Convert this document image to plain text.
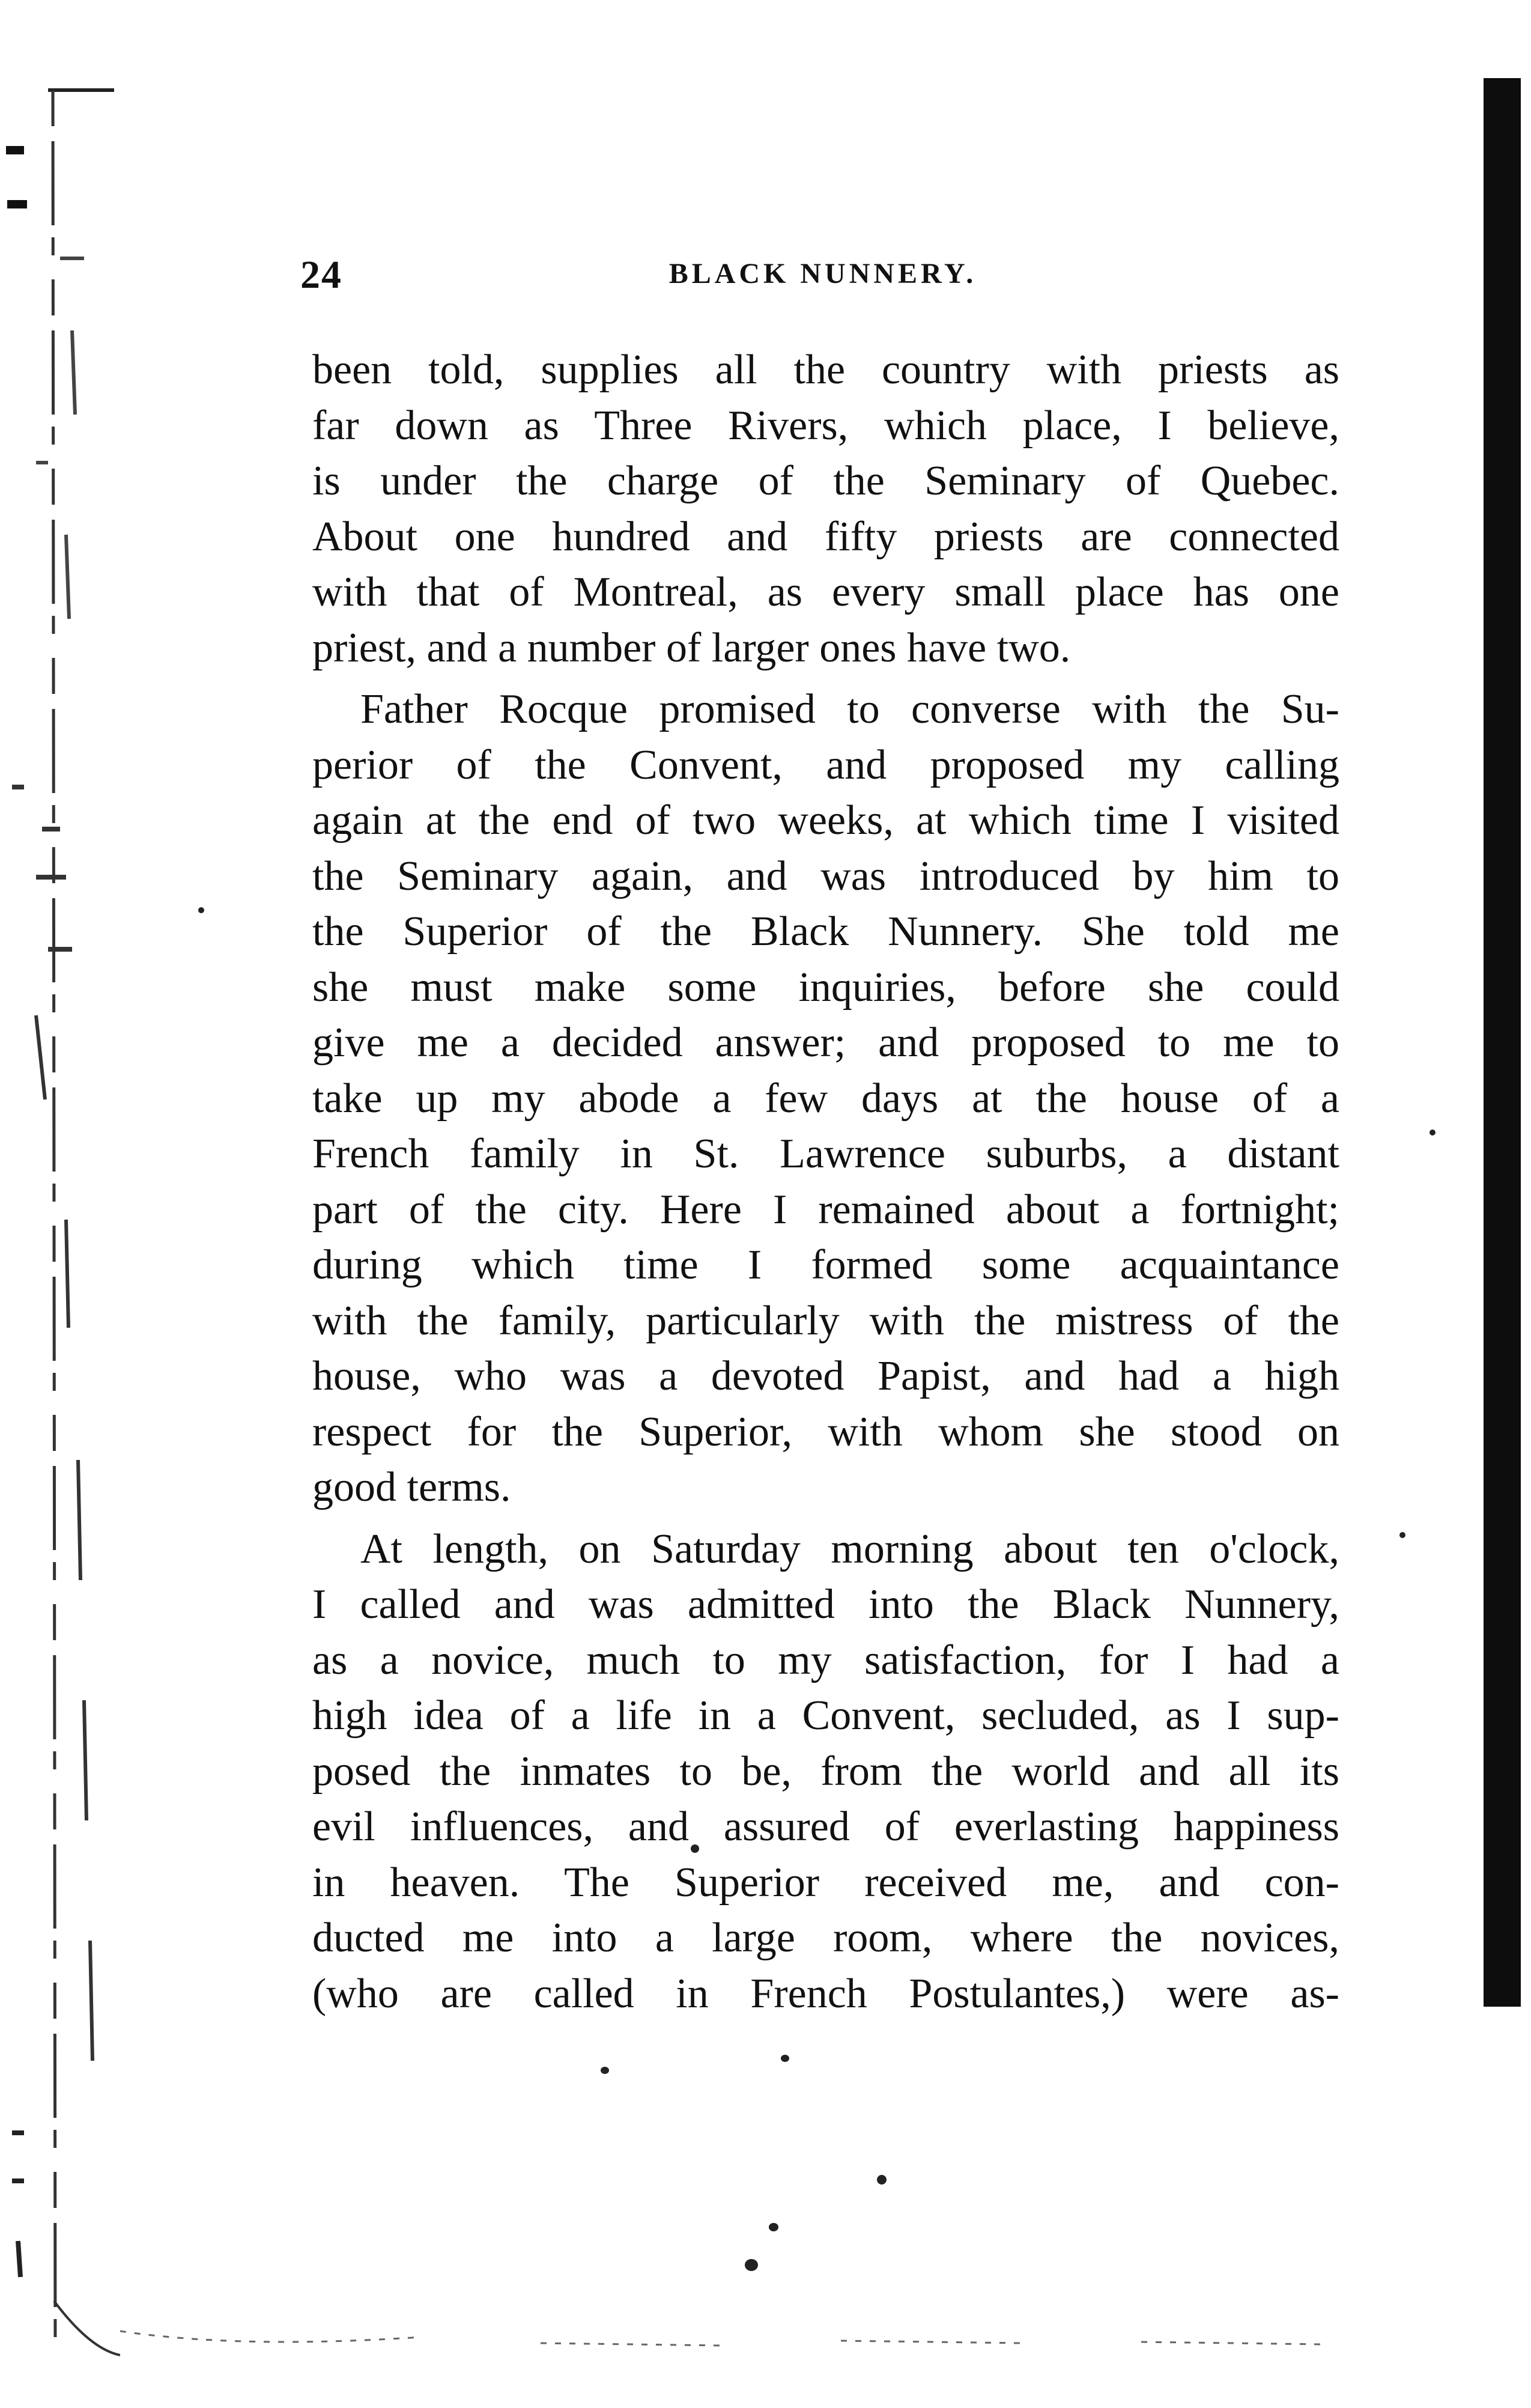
24	BLACK NUNNERY.
been told, supplies all the country with priests as
far down as Three Rivers, which place, I believe,
is under the charge of the Seminary of Quebec.
About one hundred and fifty priests are connected
with that of Montreal, as every small place has one
priest, and a number of larger ones have two.
Father Rocque promised to converse with the Su-
perior of the Convent, and proposed my calling
again at the end of two weeks, at which time I visited
the Seminary again, and was introduced by him to
the Superior of the Black Nunnery. She told me
she must make some inquiries, before she could
give me a decided answer; and proposed to me to
take up my abode a few days at the house of a
French family in St. Lawrence suburbs, a distant
part of the city. Here I remained about a fortnight;
during which time I formed some acquaintance
with the family, particularly with the mistress of the
house, who was a devoted Papist, and had a high
respect for the Superior, with whom she stood on
good terms.
At length, on Saturday morning about ten o'clock,
I called and was admitted into the Black Nunnery,
as a novice, much to my satisfaction, for I had a
high idea of a life in a Convent, secluded, as I sup-
posed the inmates to be, from the world and all its
evil influences, and assured of everlasting happiness
in heaven. The Superior received me, and con-
ducted me into a large room, where the novices,
(who are called in French Postulantes,) were as-
